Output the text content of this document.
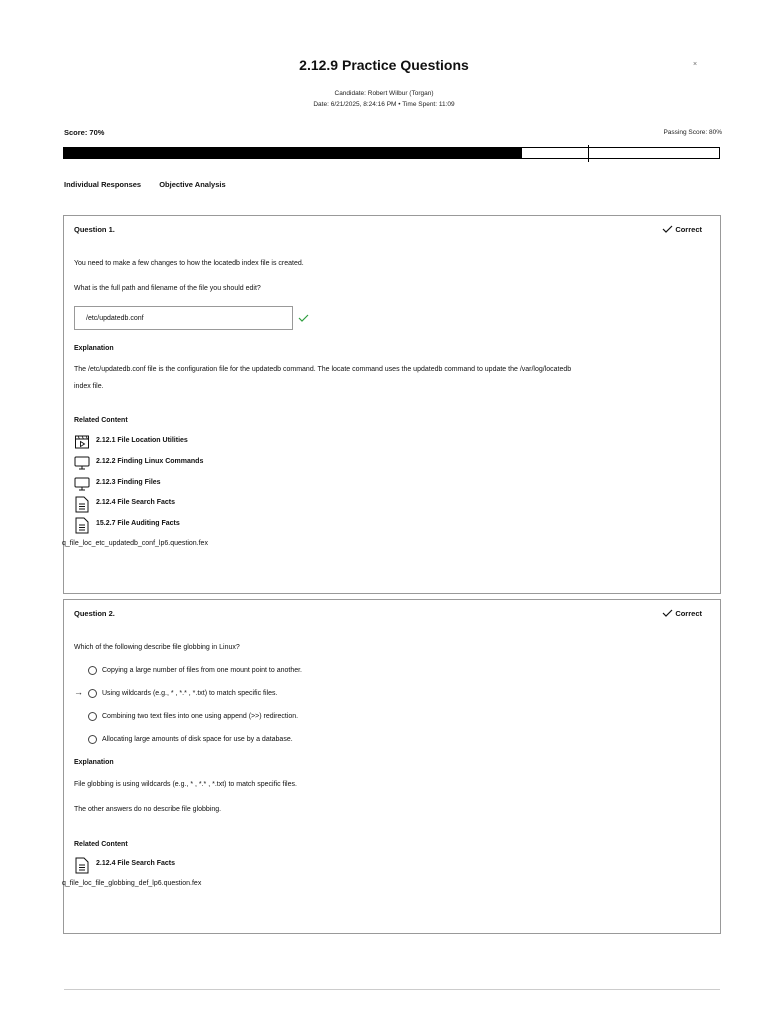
2.12.9 Practice Questions	×
Candidate: Robert Wilbur (Torgan)
Date: 6/21/2025, 8:24:16 PM • Time Spent: 11:09
Score: 70%	Passing Score: 80%
Individual Responses Objective Analysis
Question 1.	Correct
You need to make a few changes to how the locatedb index file is created.
What is the full path and filename of the file you should edit?
/etc/updatedb.conf
Explanation
The /etc/updatedb.conf file is the configuration file for the updatedb command. The locate command uses the updatedb command to update the /var/log/locatedb
index file.
Related Content
2.12.1 File Location Utilities
2.12.2 Finding Linux Commands
2.12.3 Finding Files
2.12.4 File Search Facts
15.2.7 File Auditing Facts
q_file_loc_etc_updatedb_conf_lp6.question.fex
Question 2.	Correct
Which of the following describe file globbing in Linux?
Copying a large number of files from one mount point to another.
→	Using wildcards (e.g., * , *.* , *.txt) to match specific files.
Combining two text files into one using append (>>) redirection.
Allocating large amounts of disk space for use by a database.
Explanation
File globbing is using wildcards (e.g., * , *.* , *.txt) to match specific files.
The other answers do no describe file globbing.
Related Content
2.12.4 File Search Facts
q_file_loc_file_globbing_def_lp6.question.fex
